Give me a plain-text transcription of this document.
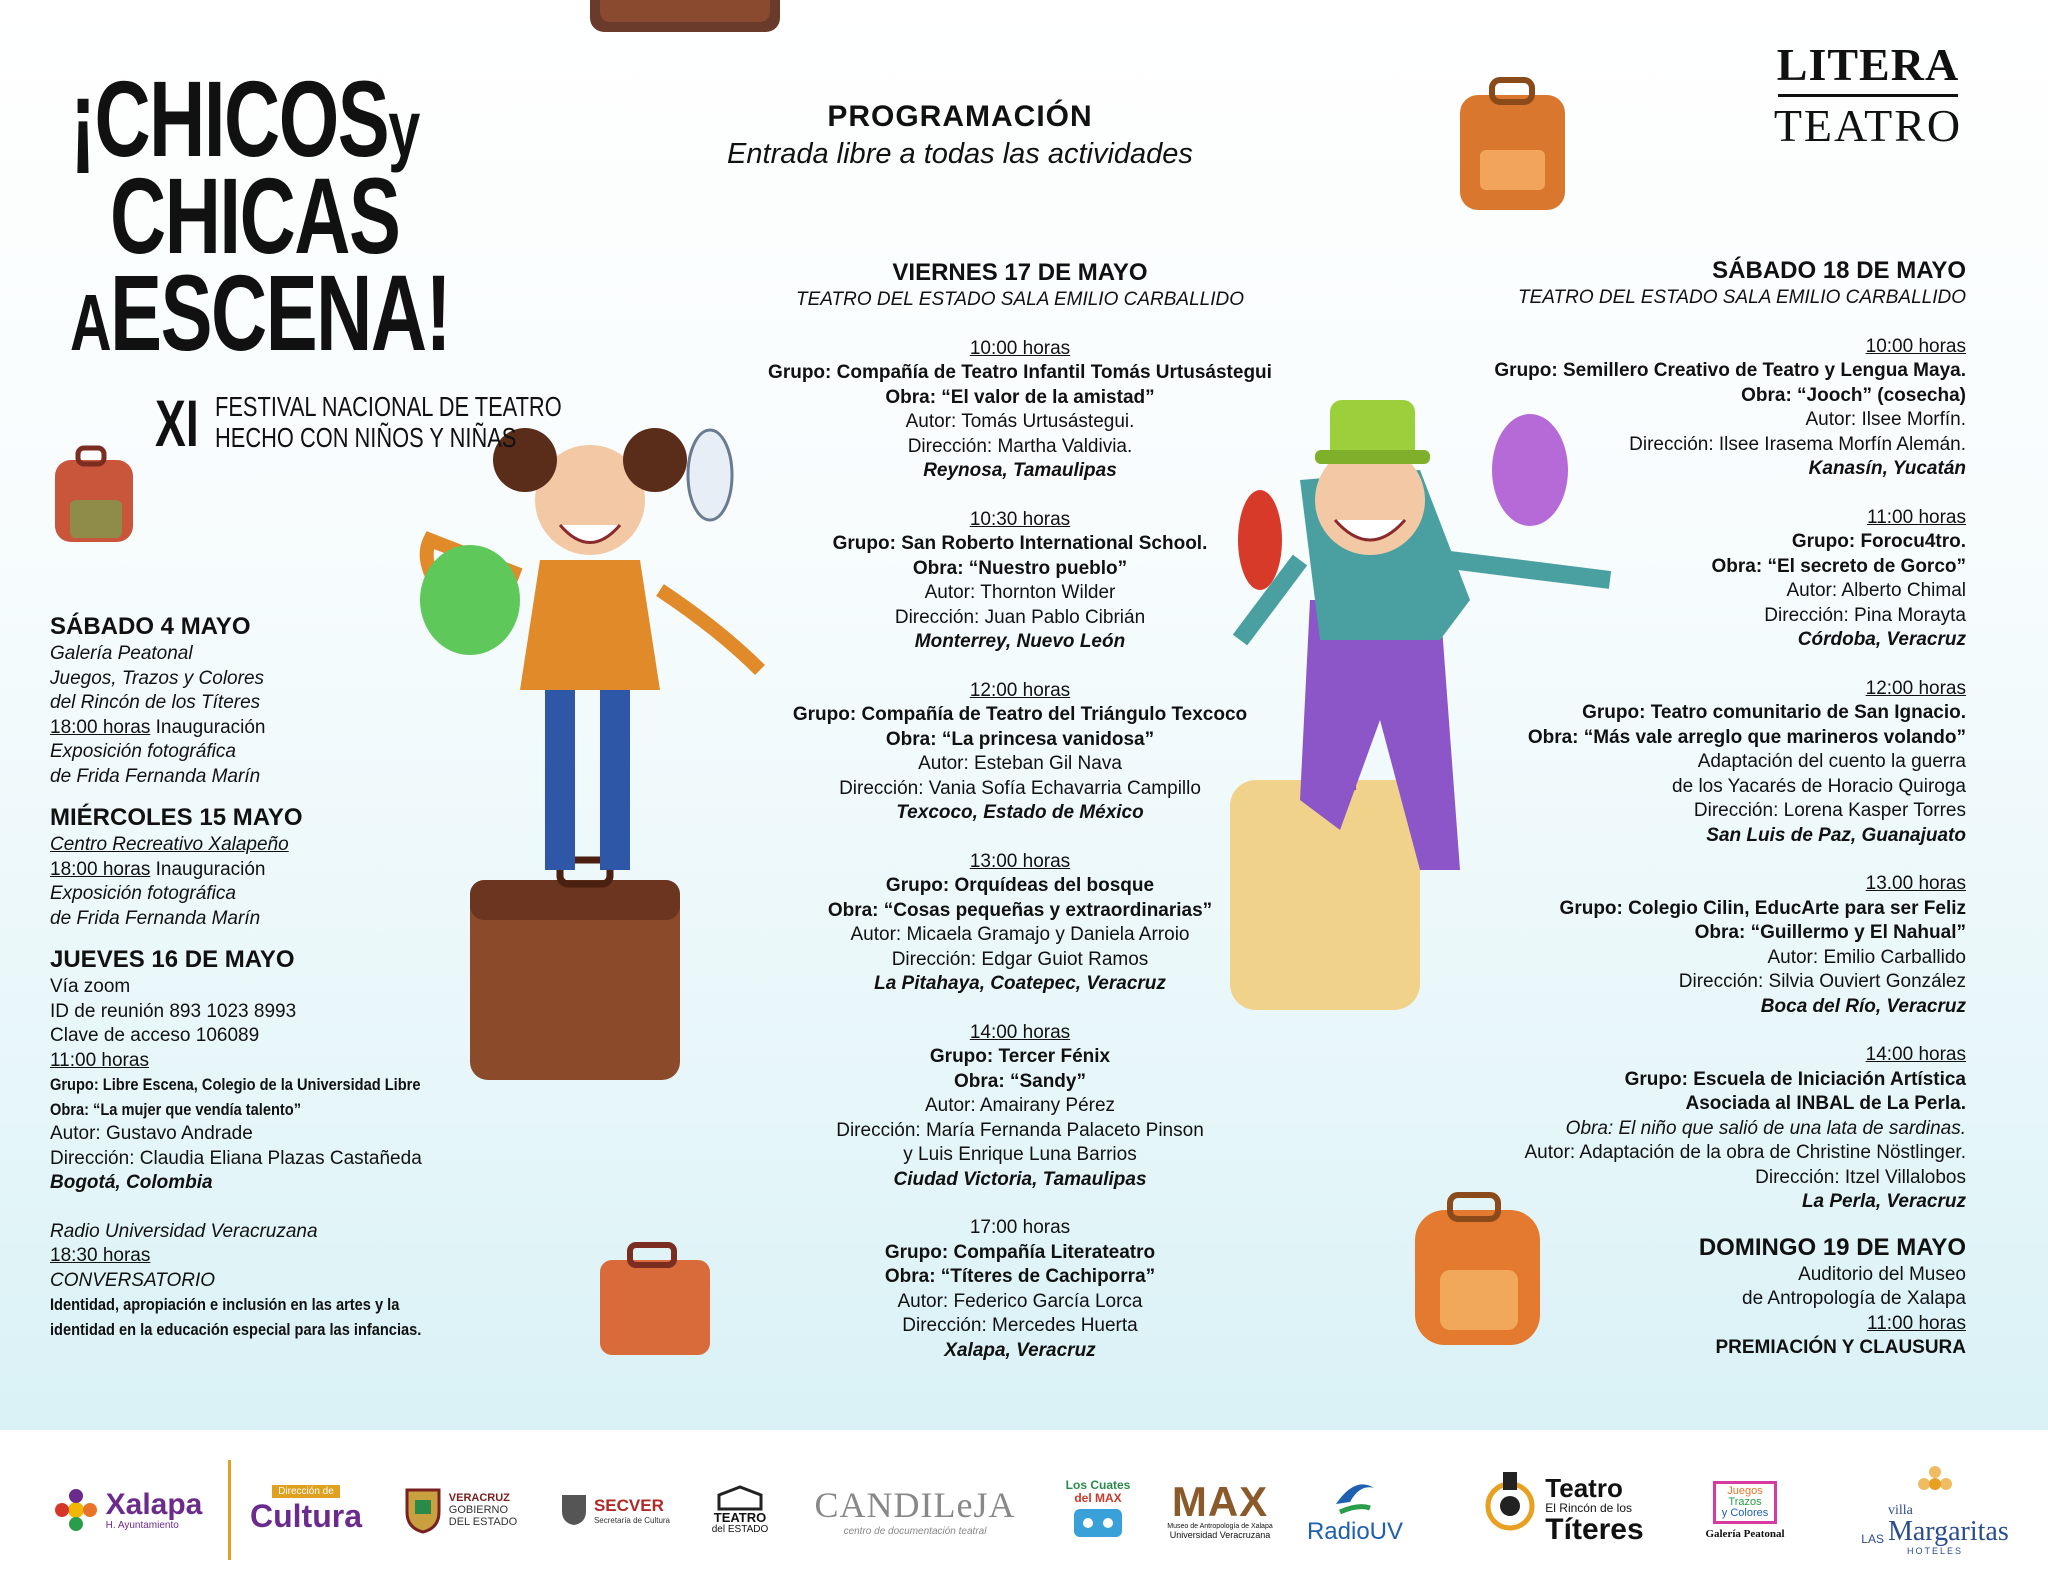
¡CHICOSy
CHICAS
AESCENA!
XI FESTIVAL NACIONAL DE TEATRO
HECHO CON NIÑOS Y NIÑAS
PROGRAMACIÓN
Entrada libre a todas las actividades
LITERA
TEATRO
SÁBADO 4 MAYO
Galería Peatonal
Juegos, Trazos y Colores
del Rincón de los Títeres
18:00 horas Inauguración
Exposición fotográfica
de Frida Fernanda Marín
MIÉRCOLES 15 MAYO
Centro Recreativo Xalapeño
18:00 horas Inauguración
Exposición fotográfica
de Frida Fernanda Marín
JUEVES 16 DE MAYO
Vía zoom
ID de reunión 893 1023 8993
Clave de acceso 106089
11:00 horas
Grupo: Libre Escena, Colegio de la Universidad Libre
Obra: “La mujer que vendía talento”
Autor: Gustavo Andrade
Dirección: Claudia Eliana Plazas Castañeda
Bogotá, Colombia
Radio Universidad Veracruzana
18:30 horas
CONVERSATORIO
Identidad, apropiación e inclusión en las artes y la
identidad en la educación especial para las infancias.
VIERNES 17 DE MAYO
TEATRO DEL ESTADO SALA EMILIO CARBALLIDO
10:00 horas
Grupo: Compañía de Teatro Infantil Tomás Urtusástegui
Obra: “El valor de la amistad”
Autor: Tomás Urtusástegui.
Dirección: Martha Valdivia.
Reynosa, Tamaulipas
10:30 horas
Grupo: San Roberto International School.
Obra: “Nuestro pueblo”
Autor: Thornton Wilder
Dirección: Juan Pablo Cibrián
Monterrey, Nuevo León
12:00 horas
Grupo: Compañía de Teatro del Triángulo Texcoco
Obra: “La princesa vanidosa”
Autor: Esteban Gil Nava
Dirección: Vania Sofía Echavarria Campillo
Texcoco, Estado de México
13:00 horas
Grupo: Orquídeas del bosque
Obra: “Cosas pequeñas y extraordinarias”
Autor: Micaela Gramajo y Daniela Arroio
Dirección: Edgar Guiot Ramos
La Pitahaya, Coatepec, Veracruz
14:00 horas
Grupo: Tercer Fénix
Obra: “Sandy”
Autor: Amairany Pérez
Dirección: María Fernanda Palaceto Pinson
y Luis Enrique Luna Barrios
Ciudad Victoria, Tamaulipas
17:00 horas
Grupo: Compañía Literateatro
Obra: “Títeres de Cachiporra”
Autor: Federico García Lorca
Dirección: Mercedes Huerta
Xalapa, Veracruz
SÁBADO 18 DE MAYO
TEATRO DEL ESTADO SALA EMILIO CARBALLIDO
10:00 horas
Grupo: Semillero Creativo de Teatro y Lengua Maya.
Obra: “Jooch” (cosecha)
Autor: Ilsee Morfín.
Dirección: Ilsee Irasema Morfín Alemán.
Kanasín, Yucatán
11:00 horas
Grupo: Forocu4tro.
Obra: “El secreto de Gorco”
Autor: Alberto Chimal
Dirección: Pina Morayta
Córdoba, Veracruz
12:00 horas
Grupo: Teatro comunitario de San Ignacio.
Obra: “Más vale arreglo que marineros volando”
Adaptación del cuento la guerra
de los Yacarés de Horacio Quiroga
Dirección: Lorena Kasper Torres
San Luis de Paz, Guanajuato
13.00 horas
Grupo: Colegio Cilin, EducArte para ser Feliz
Obra: “Guillermo y El Nahual”
Autor: Emilio Carballido
Dirección: Silvia Ouviert González
Boca del Río, Veracruz
14:00 horas
Grupo: Escuela de Iniciación Artística
Asociada al INBAL de La Perla.
Obra: El niño que salió de una lata de sardinas.
Autor: Adaptación de la obra de Christine Nöstlinger.
Dirección: Itzel Villalobos
La Perla, Veracruz
DOMINGO 19 DE MAYO
Auditorio del Museo
de Antropología de Xalapa
11:00 horas
PREMIACIÓN Y CLAUSURA
Xalapa
H. Ayuntamiento
Dirección de
Cultura
VERACRUZ
GOBIERNO
DEL ESTADO
SECVER
Secretaría de Cultura	TEATRO
del ESTADO
CANDILeJA
centro de documentación teatral
Los Cuates
del MAX MAX
Museo de Antropología de Xalapa
Universidad Veracruzana RadioUV
Teatro
El Rincón de los
Títeres
Juegos
Trazos
y Colores
Galería Peatonal	LAS
villa
Margaritas
HOTELES
